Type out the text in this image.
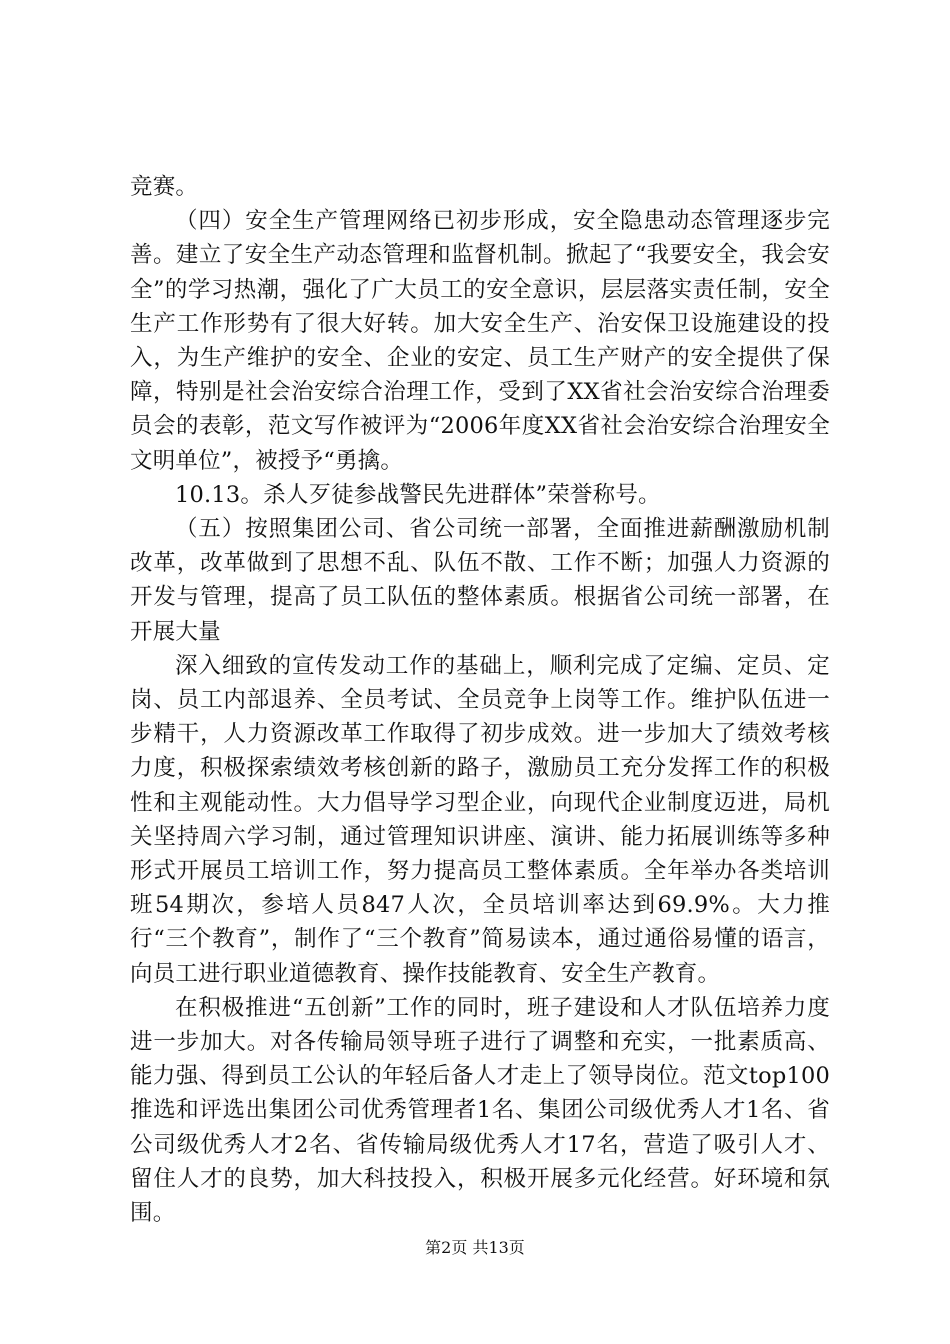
竞赛。

（四）安全生产管理网络已初步形成，安全隐患动态管理逐步完善。建立了安全生产动态管理和监督机制。掀起了“我要安全，我会安全”的学习热潮，强化了广大员工的安全意识，层层落实责任制，安全生产工作形势有了很大好转。加大安全生产、治安保卫设施建设的投入，为生产维护的安全、企业的安定、员工生产财产的安全提供了保障，特别是社会治安综合治理工作，受到了XX省社会治安综合治理委员会的表彰，范文写作被评为“2006年度XX省社会治安综合治理安全文明单位”，被授予“勇擒。

10.13。杀人歹徒参战警民先进群体”荣誉称号。

（五）按照集团公司、省公司统一部署，全面推进薪酬激励机制改革，改革做到了思想不乱、队伍不散、工作不断；加强人力资源的开发与管理，提高了员工队伍的整体素质。根据省公司统一部署，在开展大量

深入细致的宣传发动工作的基础上，顺利完成了定编、定员、定岗、员工内部退养、全员考试、全员竞争上岗等工作。维护队伍进一步精干，人力资源改革工作取得了初步成效。进一步加大了绩效考核力度，积极探索绩效考核创新的路子，激励员工充分发挥工作的积极性和主观能动性。大力倡导学习型企业，向现代企业制度迈进，局机关坚持周六学习制，通过管理知识讲座、演讲、能力拓展训练等多种形式开展员工培训工作，努力提高员工整体素质。全年举办各类培训班54期次，参培人员847人次，全员培训率达到69.9%。大力推行“三个教育”，制作了“三个教育”简易读本，通过通俗易懂的语言，向员工进行职业道德教育、操作技能教育、安全生产教育。

在积极推进“五创新”工作的同时，班子建设和人才队伍培养力度进一步加大。对各传输局领导班子进行了调整和充实，一批素质高、能力强、得到员工公认的年轻后备人才走上了领导岗位。范文top100推选和评选出集团公司优秀管理者1名、集团公司级优秀人才1名、省公司级优秀人才2名、省传输局级优秀人才17名，营造了吸引人才、留住人才的良势，加大科技投入，积极开展多元化经营。好环境和氛围。

第2页 共13页
